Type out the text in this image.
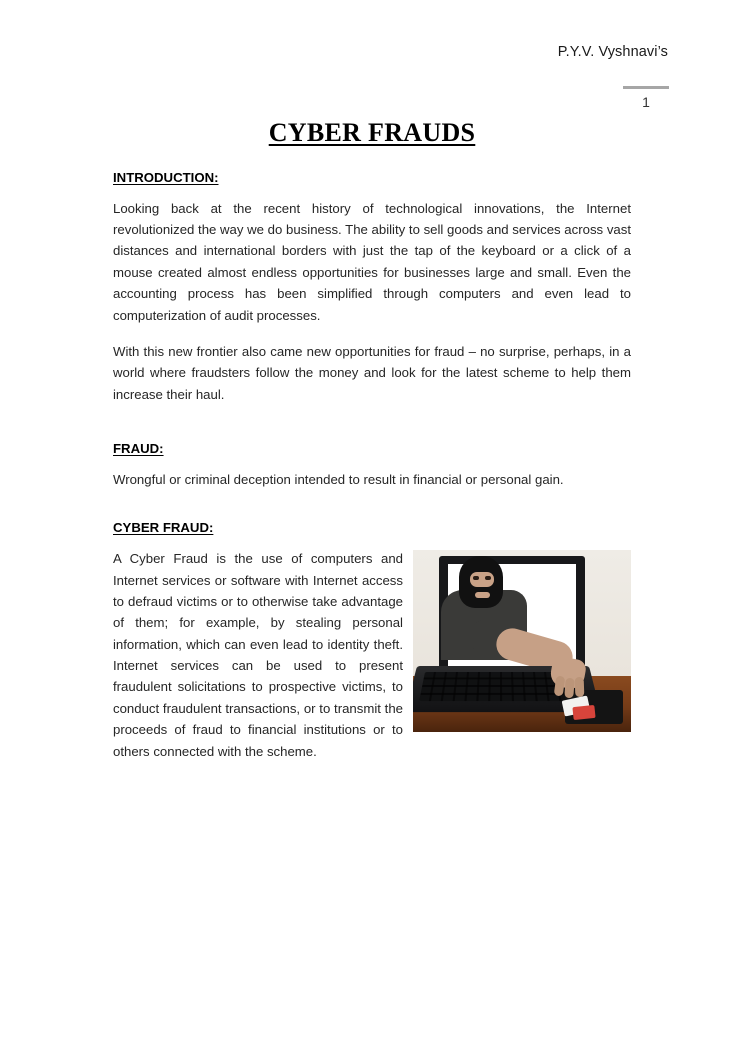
P.Y.V. Vyshnavi’s
1
CYBER FRAUDS
INTRODUCTION:

Looking back at the recent history of technological innovations, the Internet revolutionized the way we do business. The ability to sell goods and services across vast distances and international borders with just the tap of the keyboard or a click of a mouse created almost endless opportunities for businesses large and small. Even the accounting process has been simplified through computers and even lead to computerization of audit processes.

With this new frontier also came new opportunities for fraud – no surprise, perhaps, in a world where fraudsters follow the money and look for the latest scheme to help them increase their haul.

FRAUD:

Wrongful or criminal deception intended to result in financial or personal gain.

CYBER FRAUD:

A Cyber Fraud is the use of computers and Internet services or software with Internet access to defraud victims or to otherwise take advantage of them; for example, by stealing personal information, which can even lead to identity theft. Internet services can be used to present fraudulent solicitations to prospective victims, to conduct fraudulent transactions, or to transmit the proceeds of fraud to financial institutions or to others connected with the scheme.
